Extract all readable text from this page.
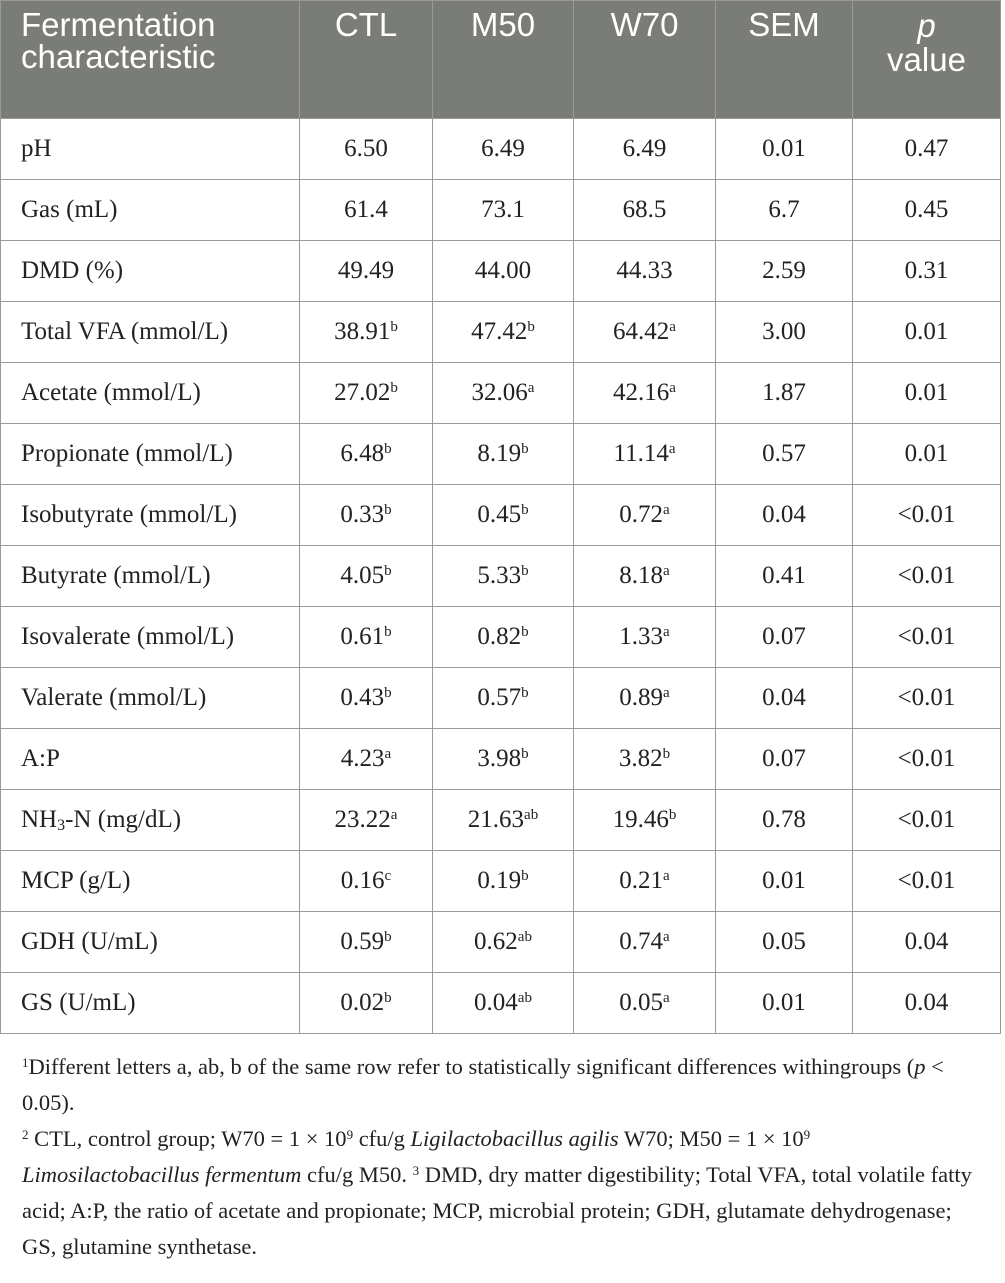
Fermentation
characteristic	CTL	M50	W70	SEM	p
value
pH	6.50	6.49	6.49	0.01	0.47
Gas (mL)	61.4	73.1	68.5	6.7	0.45
DMD (%)	49.49	44.00	44.33	2.59	0.31
Total VFA (mmol/L)	38.91$^b$	47.42$^b$	64.42$^a$	3.00	0.01
Acetate (mmol/L)	27.02$^b$	32.06$^a$	42.16$^a$	1.87	0.01
Propionate (mmol/L)	6.48$^b$	8.19$^b$	11.14$^a$	0.57	0.01
Isobutyrate (mmol/L)	0.33$^b$	0.45$^b$	0.72$^a$	0.04	<0.01
Butyrate (mmol/L)	4.05$^b$	5.33$^b$	8.18$^a$	0.41	<0.01
Isovalerate (mmol/L)	0.61$^b$	0.82$^b$	1.33$^a$	0.07	<0.01
Valerate (mmol/L)	0.43$^b$	0.57$^b$	0.89$^a$	0.04	<0.01
A:P	4.23$^a$	3.98$^b$	3.82$^b$	0.07	<0.01
$NH_3-N$ (mg/dL)	23.22$^a$	21.63$^{ab}$	19.46$^b$	0.78	<0.01
MCP (g/L)	0.16$^c$	0.19$^b$	0.21$^a$	0.01	<0.01
GDH (U/mL)	0.59$^b$	0.62$^{ab}$	0.74$^a$	0.05	0.04
GS (U/mL)	0.02$^b$	0.04$^{ab}$	0.05$^a$	0.01	0.04

$^1$Different letters a, ab, b of the same row refer to statistically significant differences withingroups (p < 0.05).

$^2$ CTL, control group; $W70 = 1 \times 10^9$ cfu/g Ligilactobacillus agilis W70; $M50 = 1 \times 10^9$ Limosilactobacillus fermentum cfu/g M50. $^3$ DMD, dry matter digestibility; Total VFA, total volatile fatty acid; A:P, the ratio of acetate and propionate; MCP, microbial protein; GDH, glutamate dehydrogenase; GS, glutamine synthetase.
